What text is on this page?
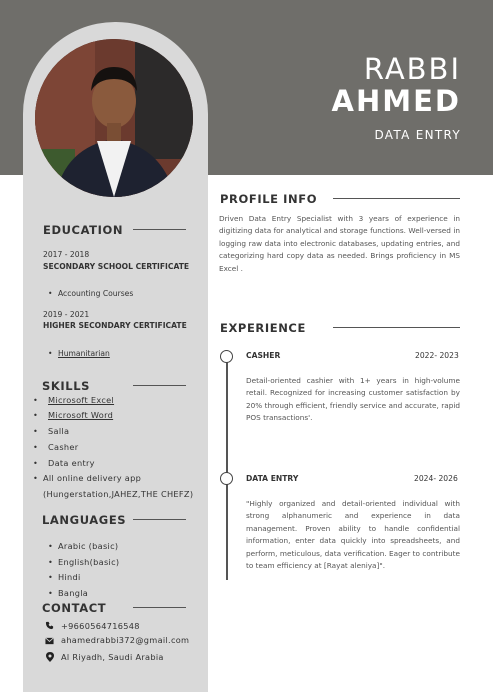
RABBI
AHMED
DATA ENTRY
PROFILE INFO
Driven Data Entry Specialist with 3 years of experience in digitizing data for analytical and storage functions. Well-versed in logging raw data into electronic databases, updating entries, and categorizing hard copy data as needed. Brings proficiency in MS Excel .
EXPERIENCE
CASHER	2022- 2023
Detail-oriented cashier with 1+ years in high-volume retail. Recognized for increasing customer satisfaction by 20% through efficient, friendly service and accurate, rapid POS transactions'.
DATA ENTRY	2024- 2026
"Highly organized and detail-oriented individual with strong alphanumeric and experience in data management. Proven ability to handle confidential information, enter data quickly into spreadsheets, and perform, meticulous, data verification. Eager to contribute to team efficiency at [Rayat aleniya]".
EDUCATION
2017 - 2018
SECONDARY SCHOOL CERTIFICATE
• Accounting Courses
2019 - 2021
HIGHER SECONDARY CERTIFICATE
• Humanitarian
SKILLS
• Microsoft Excel
• Microsoft Word
• Salla
• Casher
• Data entry
• All online delivery app
(Hungerstation,JAHEZ,THE CHEFZ)
LANGUAGES
• Arabic (basic)
• English(basic)
• Hindi
• Bangla
CONTACT
+9660564716548
ahamedrabbi372@gmail.com
Al Riyadh, Saudi Arabia
